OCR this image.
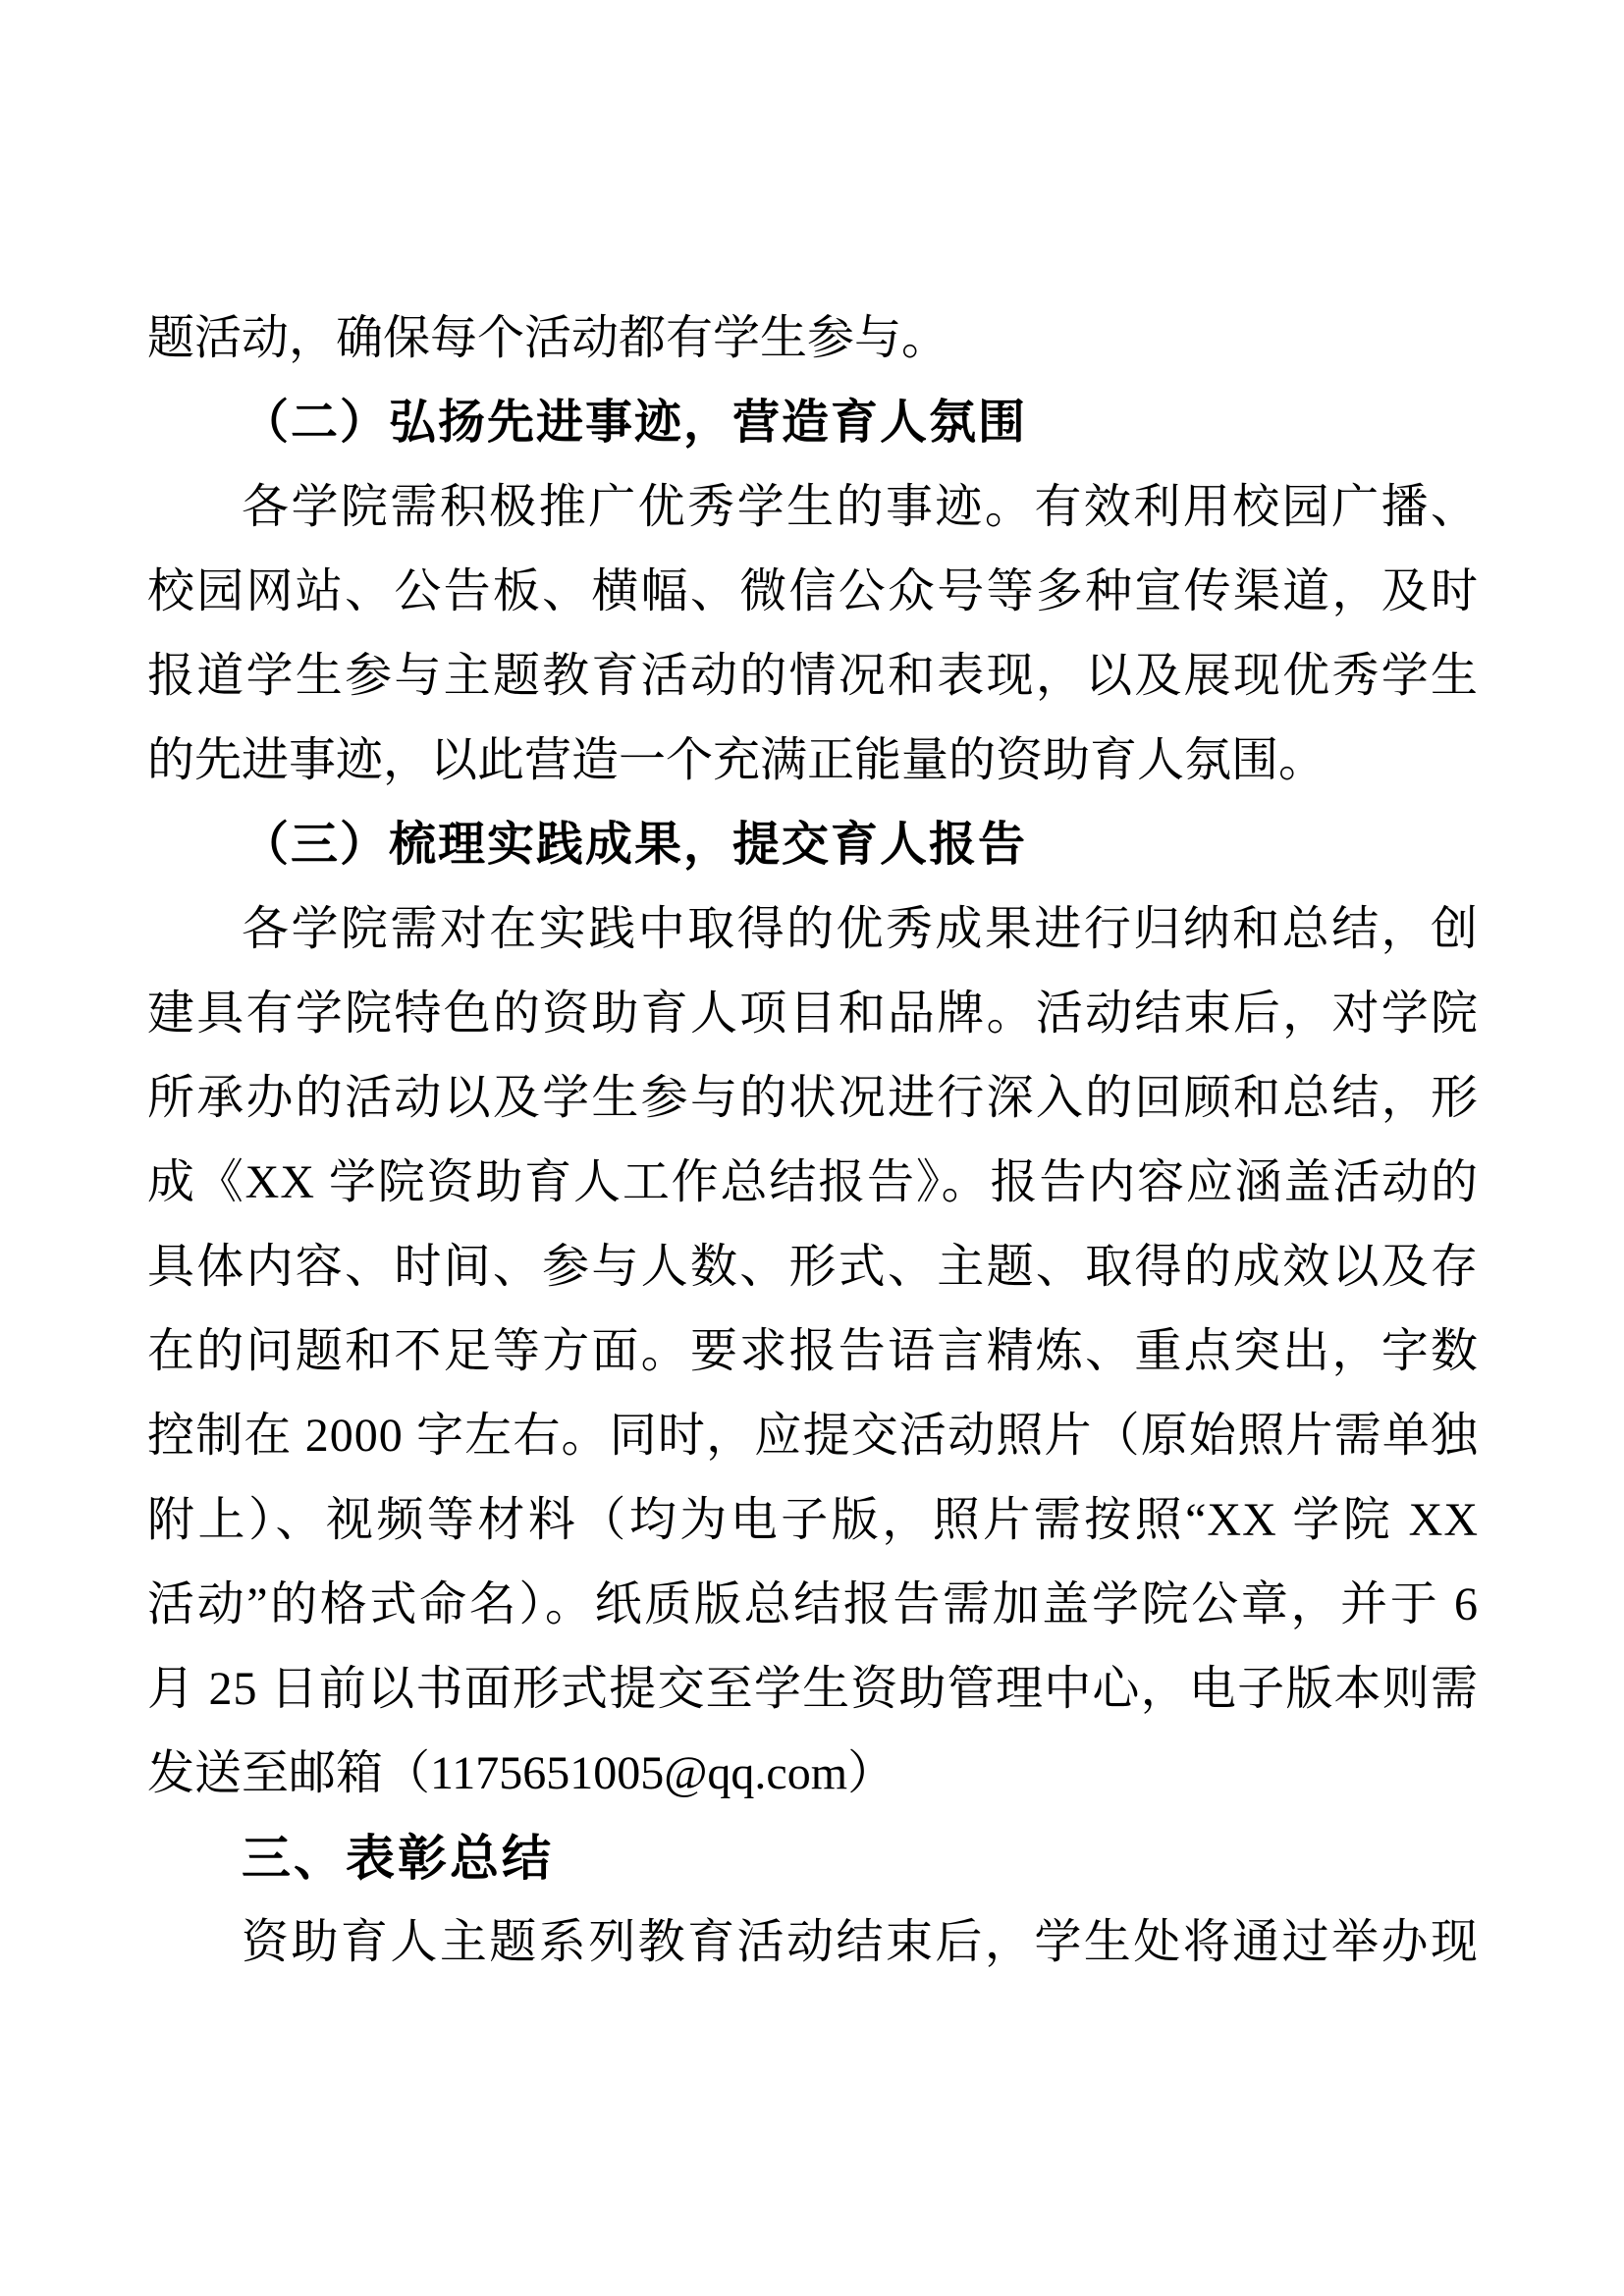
题活动，确保每个活动都有学生参与。
（二）弘扬先进事迹，营造育人氛围
各学院需积极推广优秀学生的事迹。有效利用校园广播、
校园网站、公告板、横幅、微信公众号等多种宣传渠道，及时
报道学生参与主题教育活动的情况和表现，以及展现优秀学生
的先进事迹，以此营造一个充满正能量的资助育人氛围。
（三）梳理实践成果，提交育人报告
各学院需对在实践中取得的优秀成果进行归纳和总结，创
建具有学院特色的资助育人项目和品牌。活动结束后，对学院
所承办的活动以及学生参与的状况进行深入的回顾和总结，形
成《XX 学院资助育人工作总结报告》。报告内容应涵盖活动的
具体内容、时间、参与人数、形式、主题、取得的成效以及存
在的问题和不足等方面。要求报告语言精炼、重点突出，字数
控制在 2000 字左右。同时，应提交活动照片（原始照片需单独
附上）、视频等材料（均为电子版，照片需按照“XX 学院 XX
活动”的格式命名）。纸质版总结报告需加盖学院公章，并于 6
月 25 日前以书面形式提交至学生资助管理中心，电子版本则需
发送至邮箱（1175651005@qq.com）
三、表彰总结
资助育人主题系列教育活动结束后，学生处将通过举办现
